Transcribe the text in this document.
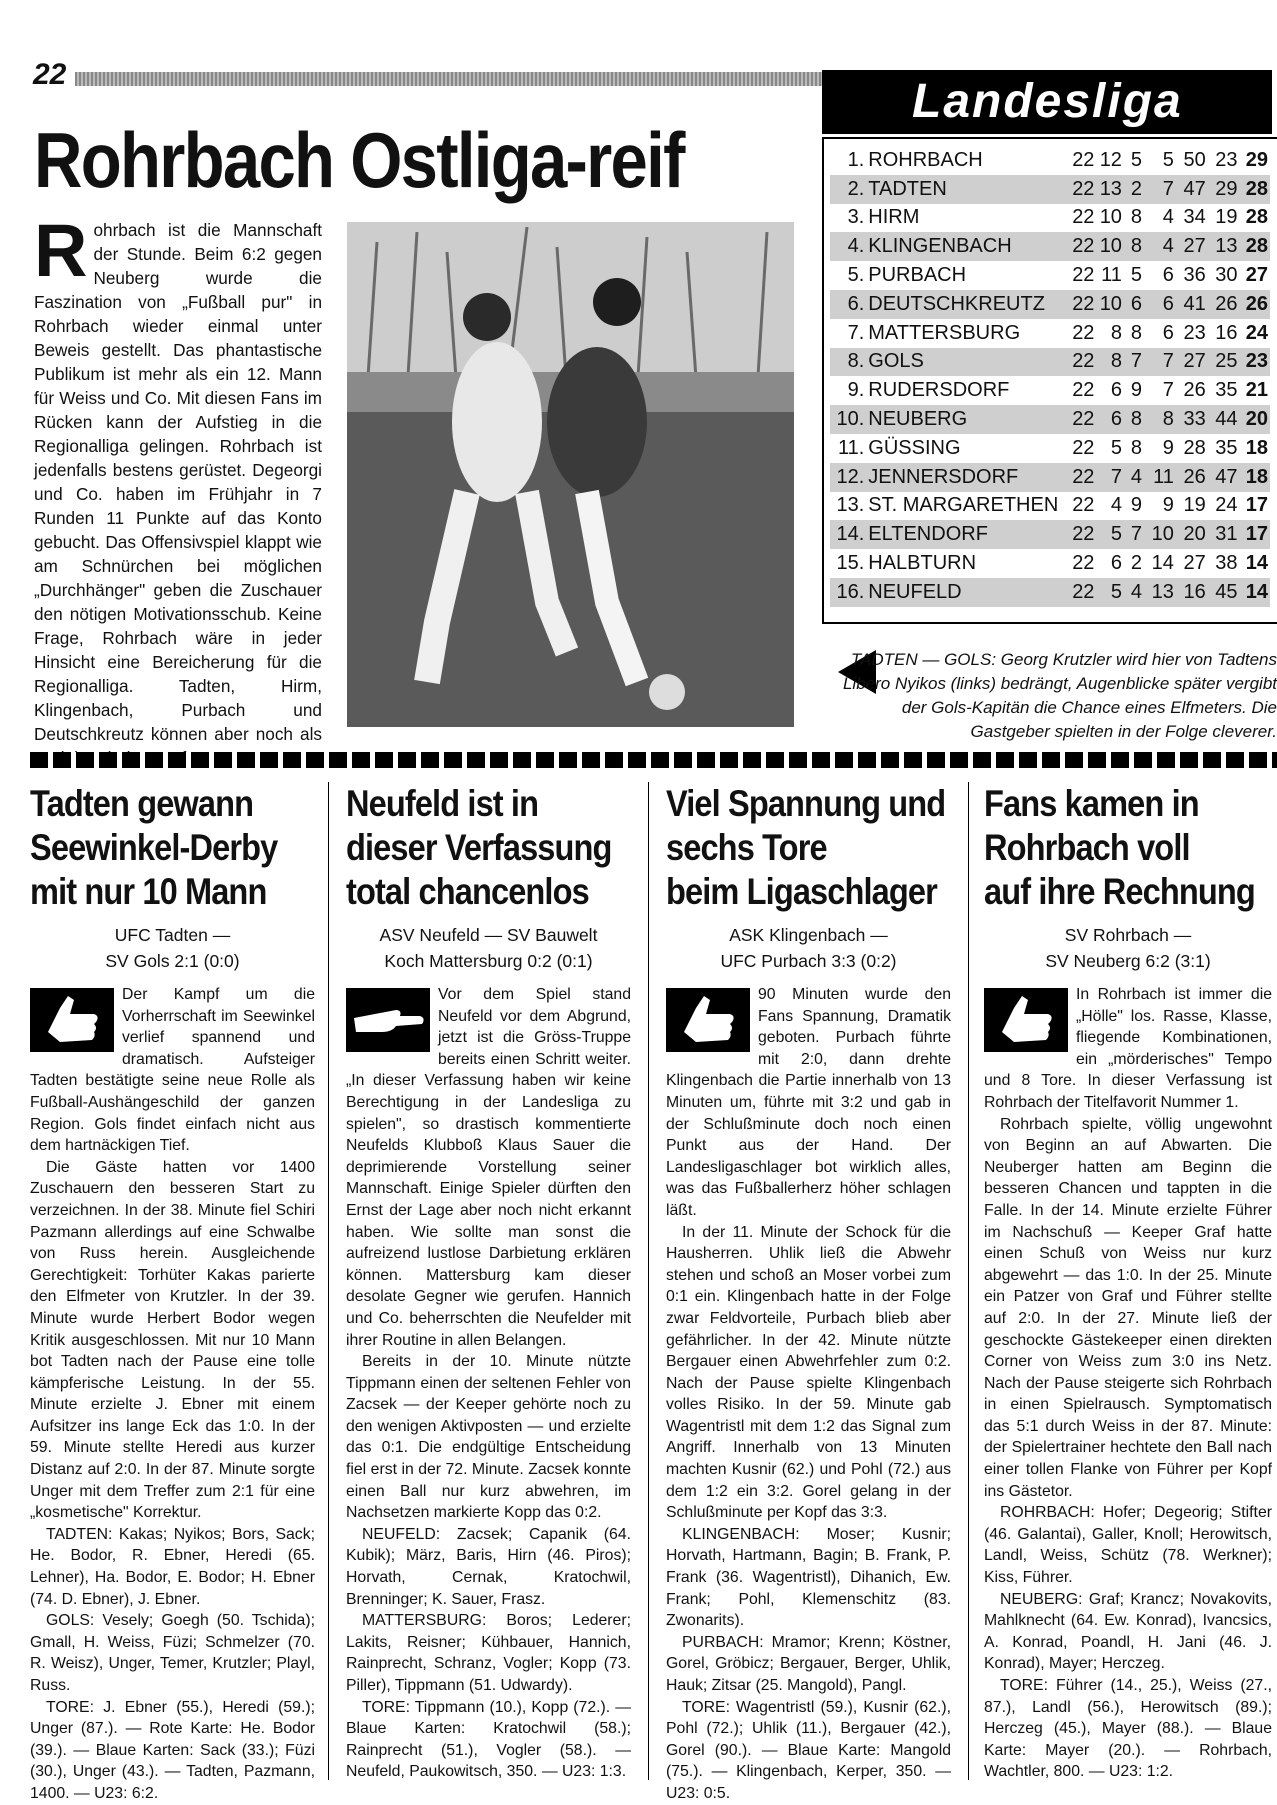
22
Rohrbach Ostliga-reif
R ohrbach ist die Mannschaft der Stunde. Beim 6:2 gegen Neuberg wurde die Faszination von „Fußball pur" in Rohrbach wieder einmal unter Beweis gestellt. Das phantastische Publikum ist mehr als ein 12. Mann für Weiss und Co. Mit diesen Fans im Rücken kann der Aufstieg in die Regionalliga gelingen. Rohrbach ist jedenfalls bestens gerüstet. Degeorgi und Co. haben im Frühjahr in 7 Runden 11 Punkte auf das Konto gebucht. Das Offensivspiel klappt wie am Schnürchen bei möglichen „Durchhänger" geben die Zuschauer den nötigen Motivationsschub. Keine Frage, Rohrbach wäre in jeder Hinsicht eine Bereicherung für die Regionalliga. Tadten, Hirm, Klingenbach, Purbach und Deutschkreutz können aber noch als
Landesliga
1.	ROHRBACH	22	12	5	5	50	23	29
2.	TADTEN	22	13	2	7	47	29	28
3.	HIRM	22	10	8	4	34	19	28
4.	KLINGENBACH	22	10	8	4	27	13	28
5.	PURBACH	22	11	5	6	36	30	27
6.	DEUTSCHKREUTZ	22	10	6	6	41	26	26
7.	MATTERSBURG	22	8	8	6	23	16	24
8.	GOLS	22	8	7	7	27	25	23
9.	RUDERSDORF	22	6	9	7	26	35	21
10.	NEUBERG	22	6	8	8	33	44	20
11.	GÜSSING	22	5	8	9	28	35	18
12.	JENNERSDORF	22	7	4	11	26	47	18
13.	ST. MARGARETHEN	22	4	9	9	19	24	17
14.	ELTENDORF	22	5	7	10	20	31	17
15.	HALBTURN	22	6	2	14	27	38	14
16.	NEUFELD	22	5	4	13	16	45	14
TADTEN — GOLS: Georg Krutzler wird hier von Tadtens Libero Nyikos (links) bedrängt, Augenblicke später vergibt der Gols-Kapitän die Chance eines Elfmeters. Die Gastgeber spielten in der Folge cleverer.
Tadten gewann
Seewinkel-Derby
mit nur 10 Mann
UFC Tadten —
SV Gols 2:1 (0:0)

Der Kampf um die Vorherrschaft im Seewinkel verlief spannend und dramatisch. Aufsteiger Tadten bestätigte seine neue Rolle als Fußball-Aushängeschild der ganzen Region. Gols findet einfach nicht aus dem hartnäckigen Tief.

Die Gäste hatten vor 1400 Zuschauern den besseren Start zu verzeichnen. In der 38. Minute fiel Schiri Pazmann allerdings auf eine Schwalbe von Russ herein. Ausgleichende Gerechtigkeit: Torhüter Kakas parierte den Elfmeter von Krutzler. In der 39. Minute wurde Herbert Bodor wegen Kritik ausgeschlossen. Mit nur 10 Mann bot Tadten nach der Pause eine tolle kämpferische Leistung. In der 55. Minute erzielte J. Ebner mit einem Aufsitzer ins lange Eck das 1:0. In der 59. Minute stellte Heredi aus kurzer Distanz auf 2:0. In der 87. Minute sorgte Unger mit dem Treffer zum 2:1 für eine „kosmetische" Korrektur.

TADTEN: Kakas; Nyikos; Bors, Sack; He. Bodor, R. Ebner, Heredi (65. Lehner), Ha. Bodor, E. Bodor; H. Ebner (74. D. Ebner), J. Ebner.

GOLS: Vesely; Goegh (50. Tschida); Gmall, H. Weiss, Füzi; Schmelzer (70. R. Weisz), Unger, Temer, Krutzler; Playl, Russ.

TORE: J. Ebner (55.), Heredi (59.); Unger (87.). — Rote Karte: He. Bodor (39.). — Blaue Karten: Sack (33.); Füzi (30.), Unger (43.). — Tadten, Pazmann, 1400. — U23: 6:2.

Neufeld ist in
dieser Verfassung
total chancenlos
ASV Neufeld — SV Bauwelt
Koch Mattersburg 0:2 (0:1)

Vor dem Spiel stand Neufeld vor dem Abgrund, jetzt ist die Gröss-Truppe bereits einen Schritt weiter. „In dieser Verfassung haben wir keine Berechtigung in der Landesliga zu spielen", so drastisch kommentierte Neufelds Klubboß Klaus Sauer die deprimierende Vorstellung seiner Mannschaft. Einige Spieler dürften den Ernst der Lage aber noch nicht erkannt haben. Wie sollte man sonst die aufreizend lustlose Darbietung erklären können. Mattersburg kam dieser desolate Gegner wie gerufen. Hannich und Co. beherrschten die Neufelder mit ihrer Routine in allen Belangen.

Bereits in der 10. Minute nützte Tippmann einen der seltenen Fehler von Zacsek — der Keeper gehörte noch zu den wenigen Aktivposten — und erzielte das 0:1. Die endgültige Entscheidung fiel erst in der 72. Minute. Zacsek konnte einen Ball nur kurz abwehren, im Nachsetzen markierte Kopp das 0:2.

NEUFELD: Zacsek; Capanik (64. Kubik); März, Baris, Hirn (46. Piros); Horvath, Cernak, Kratochwil, Brenninger; K. Sauer, Frasz.

MATTERSBURG: Boros; Lederer; Lakits, Reisner; Kühbauer, Hannich, Rainprecht, Schranz, Vogler; Kopp (73. Piller), Tippmann (51. Udwardy).

TORE: Tippmann (10.), Kopp (72.). — Blaue Karten: Kratochwil (58.); Rainprecht (51.), Vogler (58.). — Neufeld, Paukowitsch, 350. — U23: 1:3.

Viel Spannung und
sechs Tore
beim Ligaschlager
ASK Klingenbach —
UFC Purbach 3:3 (0:2)

90 Minuten wurde den Fans Spannung, Dramatik geboten. Purbach führte mit 2:0, dann drehte Klingenbach die Partie innerhalb von 13 Minuten um, führte mit 3:2 und gab in der Schlußminute doch noch einen Punkt aus der Hand. Der Landesligaschlager bot wirklich alles, was das Fußballerherz höher schlagen läßt.

In der 11. Minute der Schock für die Hausherren. Uhlik ließ die Abwehr stehen und schoß an Moser vorbei zum 0:1 ein. Klingenbach hatte in der Folge zwar Feldvorteile, Purbach blieb aber gefährlicher. In der 42. Minute nützte Bergauer einen Abwehrfehler zum 0:2. Nach der Pause spielte Klingenbach volles Risiko. In der 59. Minute gab Wagentristl mit dem 1:2 das Signal zum Angriff. Innerhalb von 13 Minuten machten Kusnir (62.) und Pohl (72.) aus dem 1:2 ein 3:2. Gorel gelang in der Schlußminute per Kopf das 3:3.

KLINGENBACH: Moser; Kusnir; Horvath, Hartmann, Bagin; B. Frank, P. Frank (36. Wagentristl), Dihanich, Ew. Frank; Pohl, Klemenschitz (83. Zwonarits).

PURBACH: Mramor; Krenn; Köstner, Gorel, Gröbicz; Bergauer, Berger, Uhlik, Hauk; Zitsar (25. Mangold), Pangl.

TORE: Wagentristl (59.), Kusnir (62.), Pohl (72.); Uhlik (11.), Bergauer (42.), Gorel (90.). — Blaue Karte: Mangold (75.). — Klingenbach, Kerper, 350. — U23: 0:5.

Fans kamen in
Rohrbach voll
auf ihre Rechnung
SV Rohrbach —
SV Neuberg 6:2 (3:1)

In Rohrbach ist immer die „Hölle" los. Rasse, Klasse, fliegende Kombinationen, ein „mörderisches" Tempo und 8 Tore. In dieser Verfassung ist Rohrbach der Titelfavorit Nummer 1.

Rohrbach spielte, völlig ungewohnt von Beginn an auf Abwarten. Die Neuberger hatten am Beginn die besseren Chancen und tappten in die Falle. In der 14. Minute erzielte Führer im Nachschuß — Keeper Graf hatte einen Schuß von Weiss nur kurz abgewehrt — das 1:0. In der 25. Minute ein Patzer von Graf und Führer stellte auf 2:0. In der 27. Minute ließ der geschockte Gästekeeper einen direkten Corner von Weiss zum 3:0 ins Netz. Nach der Pause steigerte sich Rohrbach in einen Spielrausch. Symptomatisch das 5:1 durch Weiss in der 87. Minute: der Spielertrainer hechtete den Ball nach einer tollen Flanke von Führer per Kopf ins Gästetor.

ROHRBACH: Hofer; Degeorig; Stifter (46. Galantai), Galler, Knoll; Herowitsch, Landl, Weiss, Schütz (78. Werkner); Kiss, Führer.

NEUBERG: Graf; Krancz; Novakovits, Mahlknecht (64. Ew. Konrad), Ivancsics, A. Konrad, Poandl, H. Jani (46. J. Konrad), Mayer; Herczeg.

TORE: Führer (14., 25.), Weiss (27., 87.), Landl (56.), Herowitsch (89.); Herczeg (45.), Mayer (88.). — Blaue Karte: Mayer (20.). — Rohrbach, Wachtler, 800. — U23: 1:2.
